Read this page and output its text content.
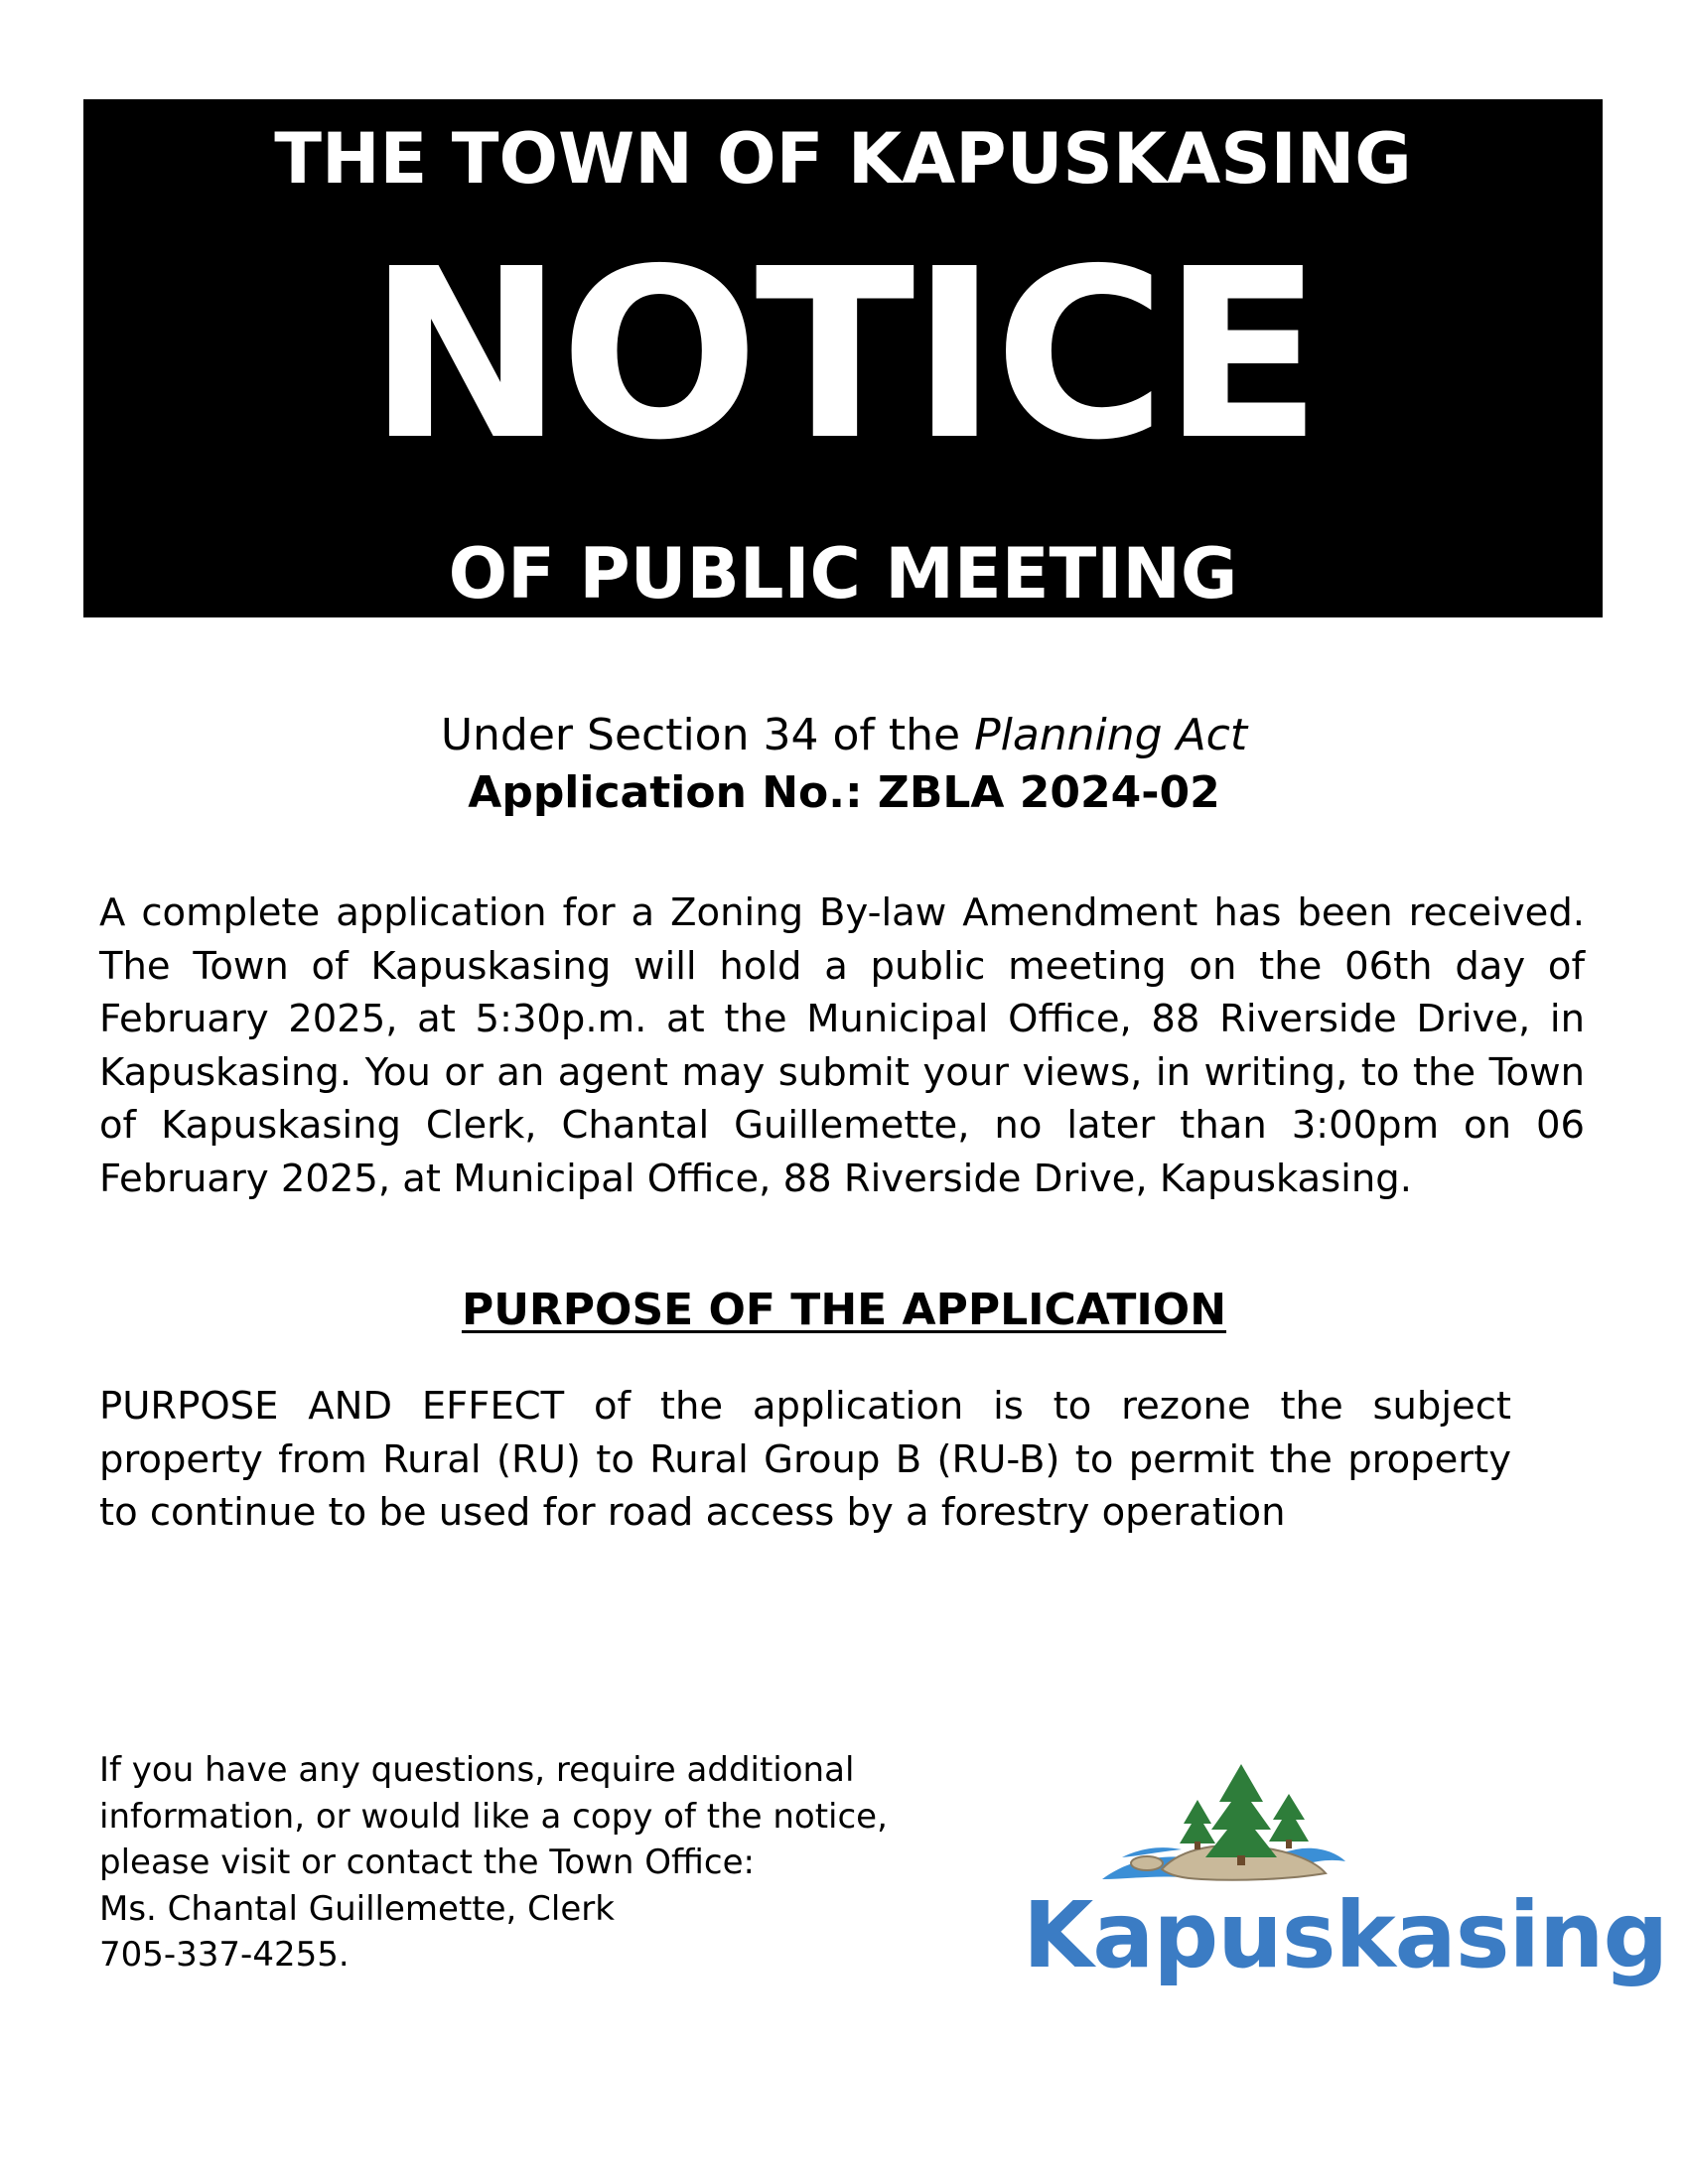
THE TOWN OF KAPUSKASING
NOTICE
OF PUBLIC MEETING
Under Section 34 of the Planning Act
Application No.: ZBLA 2024-02
A complete application for a Zoning By-law Amendment has been received. The Town of Kapuskasing will hold a public meeting on the 06th day of February 2025, at 5:30p.m. at the Municipal Office, 88 Riverside Drive, in Kapuskasing. You or an agent may submit your views, in writing, to the Town of Kapuskasing Clerk, Chantal Guillemette, no later than 3:00pm on 06 February 2025, at Municipal Office, 88 Riverside Drive, Kapuskasing.
PURPOSE OF THE APPLICATION
PURPOSE AND EFFECT of the application is to rezone the subject property from Rural (RU) to Rural Group B (RU-B) to permit the property to continue to be used for road access by a forestry operation
If you have any questions, require additional
information, or would like a copy of the notice,
please visit or contact the Town Office:
Ms. Chantal Guillemette, Clerk
705-337-4255.	Kapuskasing
